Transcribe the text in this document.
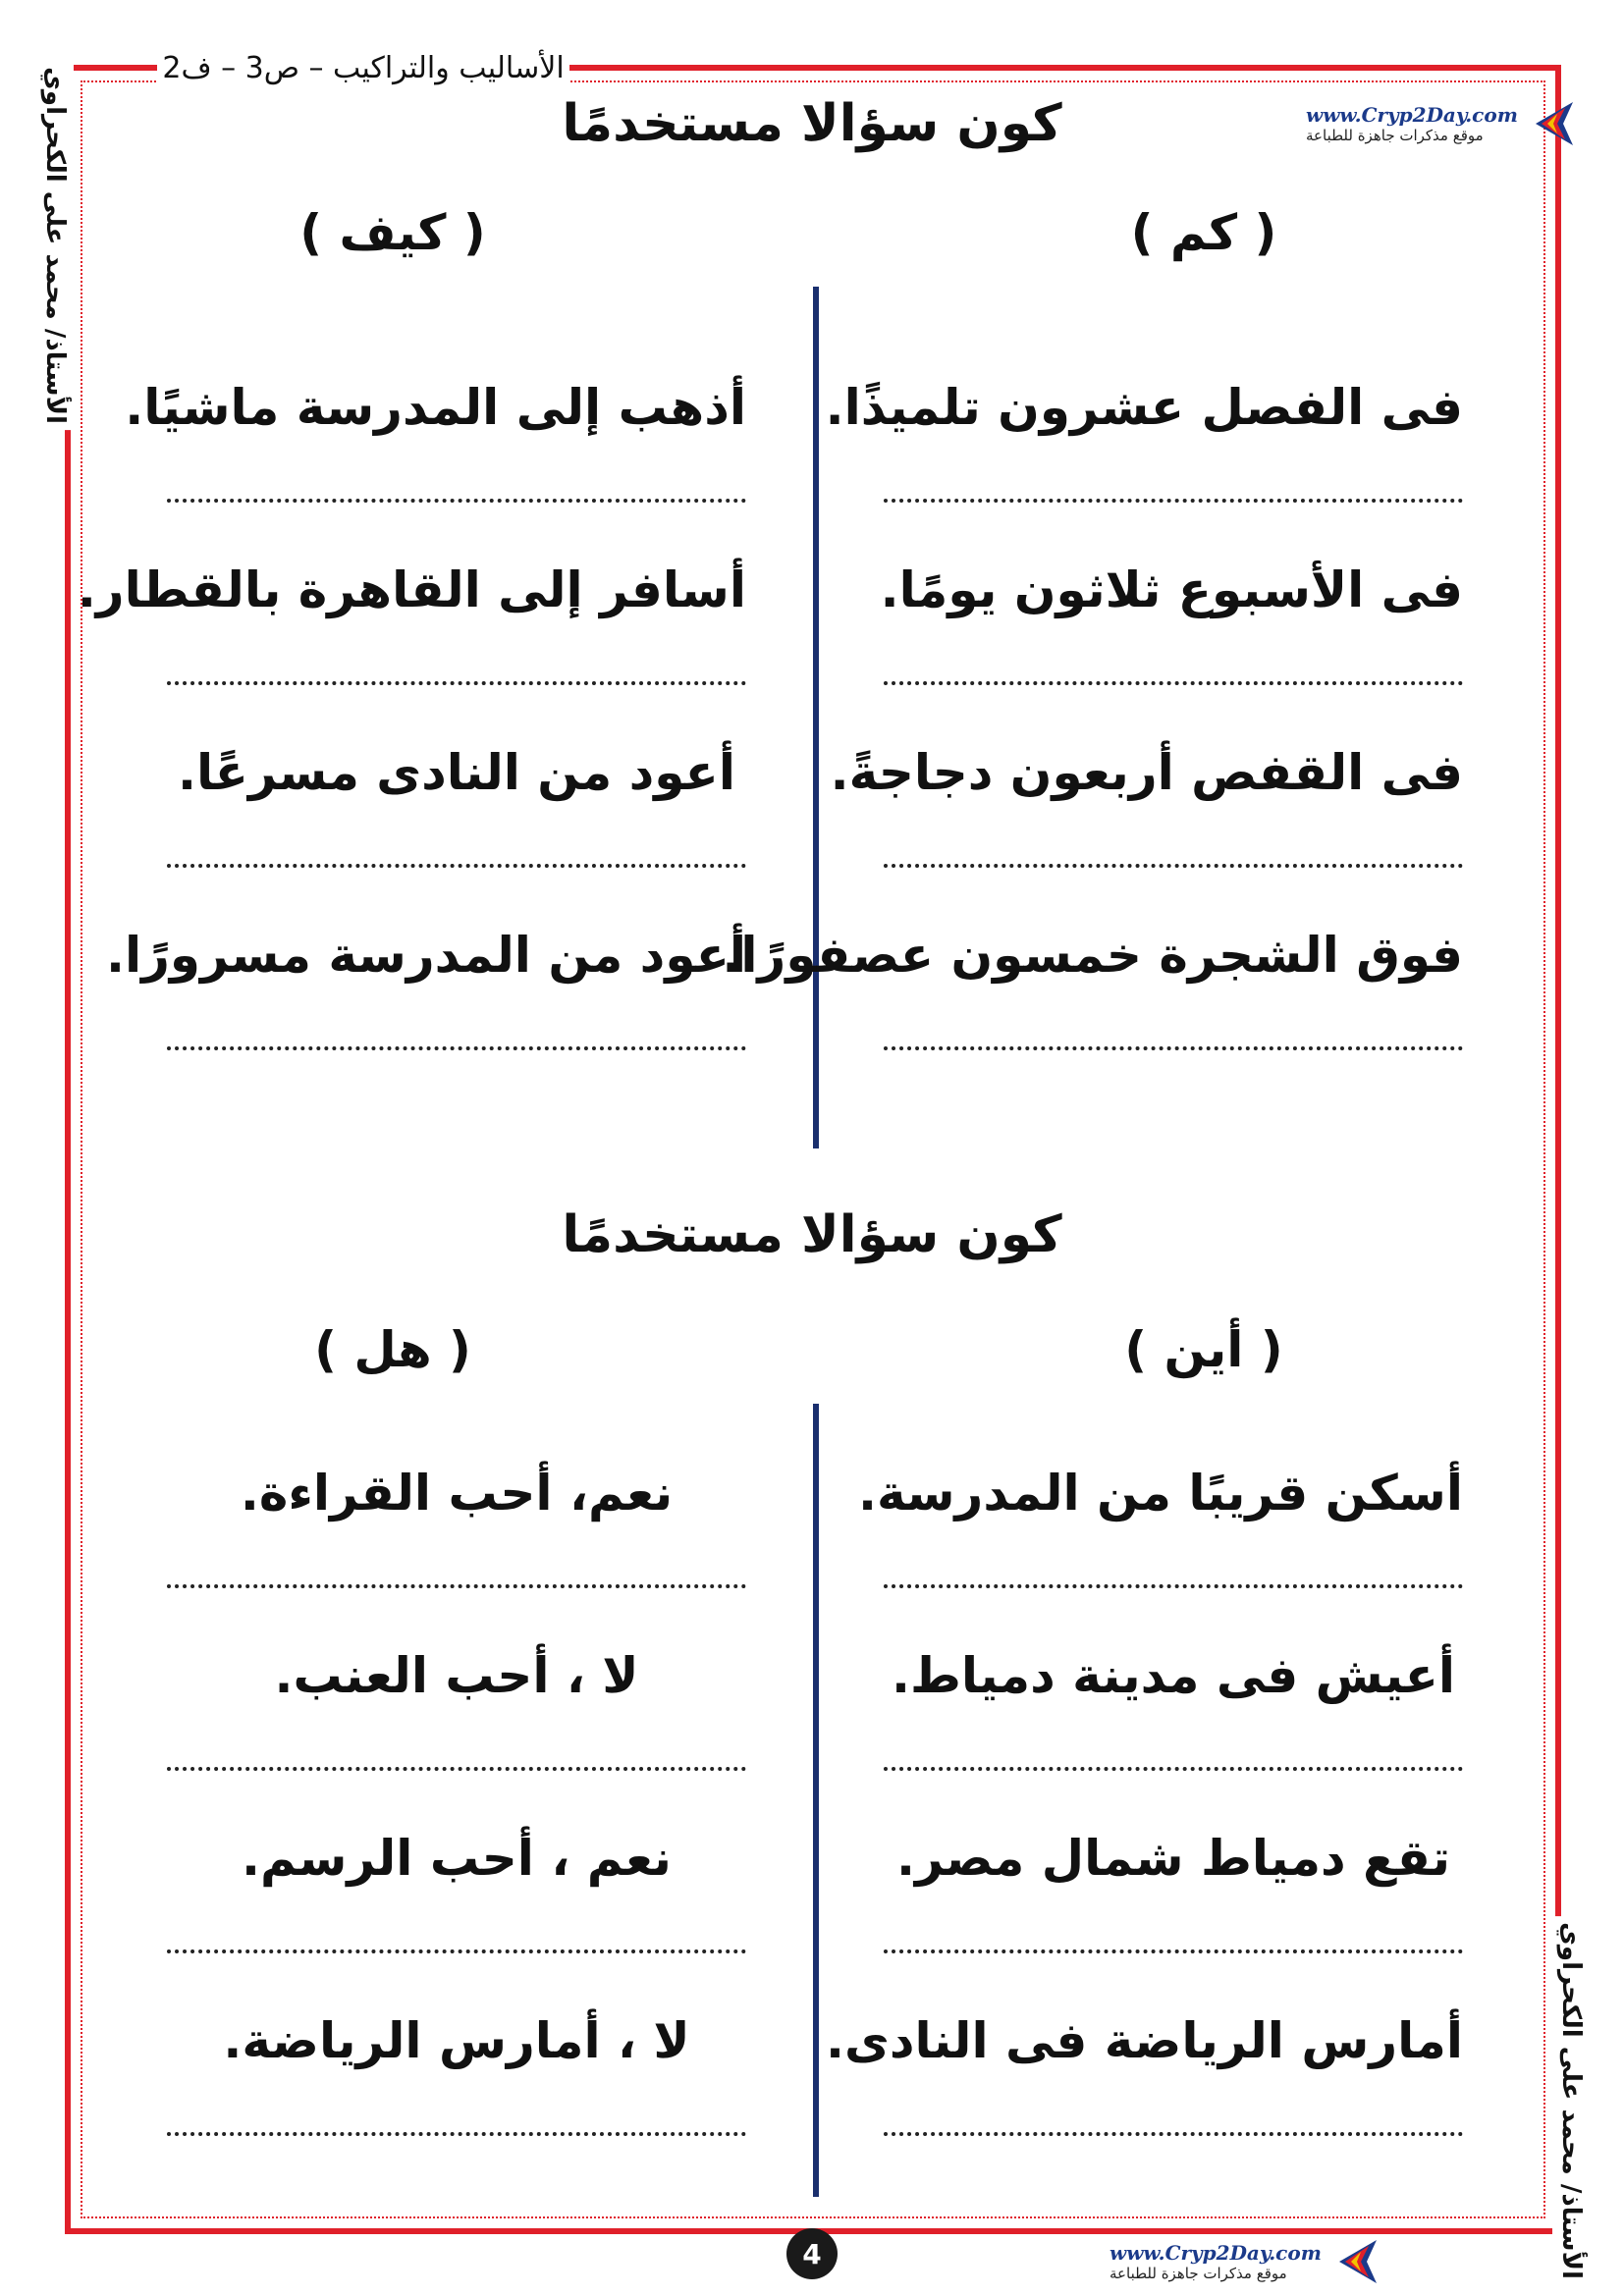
الأساليب والتراكيب – ص3 – ف2
الأستاذ/ محمد على الكحراوي
الأستاذ/ محمد على الكحراوي
www.Cryp2Day.com
موقع مذكرات جاهزة للطباعة
كون سؤالا مستخدمًا
( كم )
( كيف )
فى الفصل عشرون تلميذًا.
فى الأسبوع ثلاثون يومًا.
فى القفص أربعون دجاجةً.
فوق الشجرة خمسون عصفورًا.
أذهب إلى المدرسة ماشيًا.
أسافر إلى القاهرة بالقطار.
أعود من النادى مسرعًا.
أعود من المدرسة مسرورًا.
كون سؤالا مستخدمًا
( أين )
( هل )
أسكن قريبًا من المدرسة.
أعيش فى مدينة دمياط.
تقع دمياط شمال مصر.
أمارس الرياضة فى النادى.
نعم، أحب القراءة.
لا ، أحب العنب.
نعم ، أحب الرسم.
لا ، أمارس الرياضة.
4	www.Cryp2Day.com
موقع مذكرات جاهزة للطباعة
